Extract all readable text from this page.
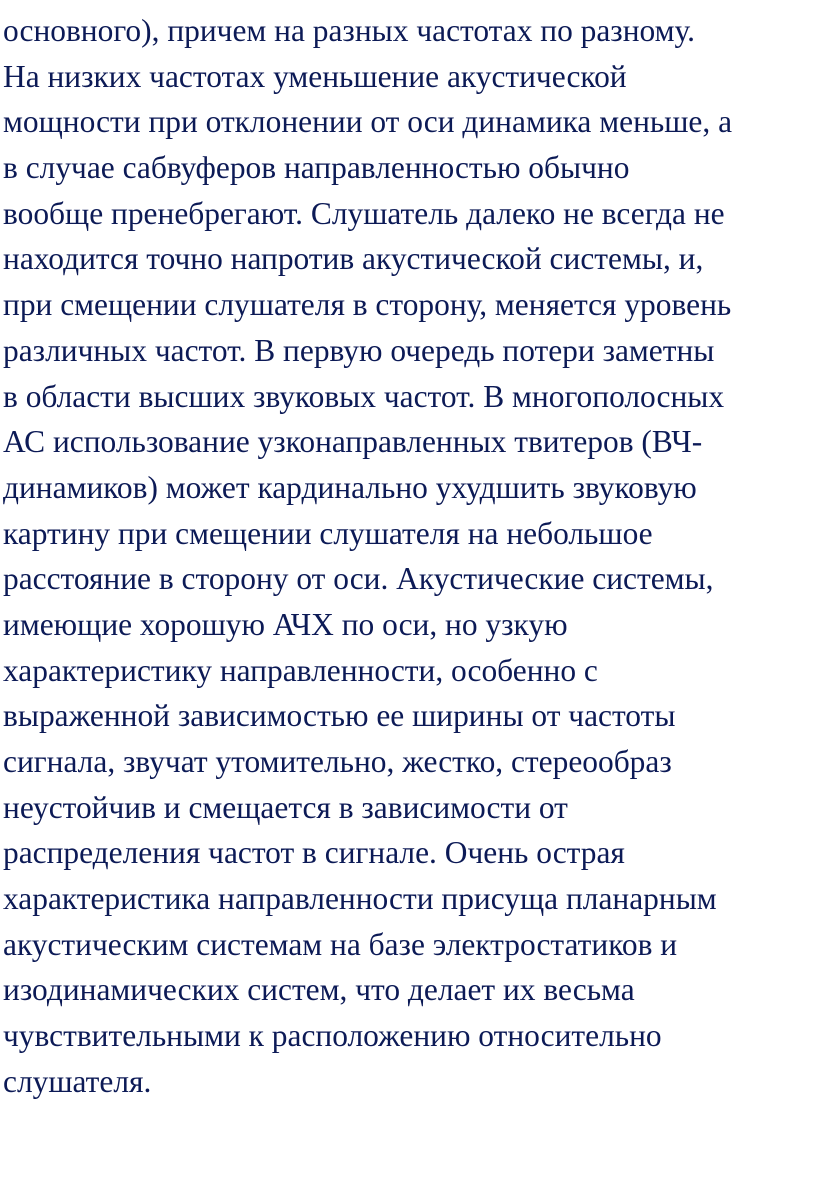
основного), причем на разных частотах по разному.
На низких частотах уменьшение акустической
мощности при отклонении от оси динамика меньше, а
в случае сабвуферов направленностью обычно
вообще пренебрегают. Слушатель далеко не всегда не
находится точно напротив акустической системы, и,
при смещении слушателя в сторону, меняется уровень
различных частот. В первую очередь потери заметны
в области высших звуковых частот. В многополосных
АС использование узконаправленных твитеров (ВЧ-
динамиков) может кардинально ухудшить звуковую
картину при смещении слушателя на небольшое
расстояние в сторону от оси. Акустические системы,
имеющие хорошую АЧХ по оси, но узкую
характеристику направленности, особенно с
выраженной зависимостью ее ширины от частоты
сигнала, звучат утомительно, жестко, стереообраз
неустойчив и смещается в зависимости от
распределения частот в сигнале. Очень острая
характеристика направленности присуща планарным
акустическим системам на базе электростатиков и
изодинамических систем, что делает их весьма
чувствительными к расположению относительно
слушателя.
